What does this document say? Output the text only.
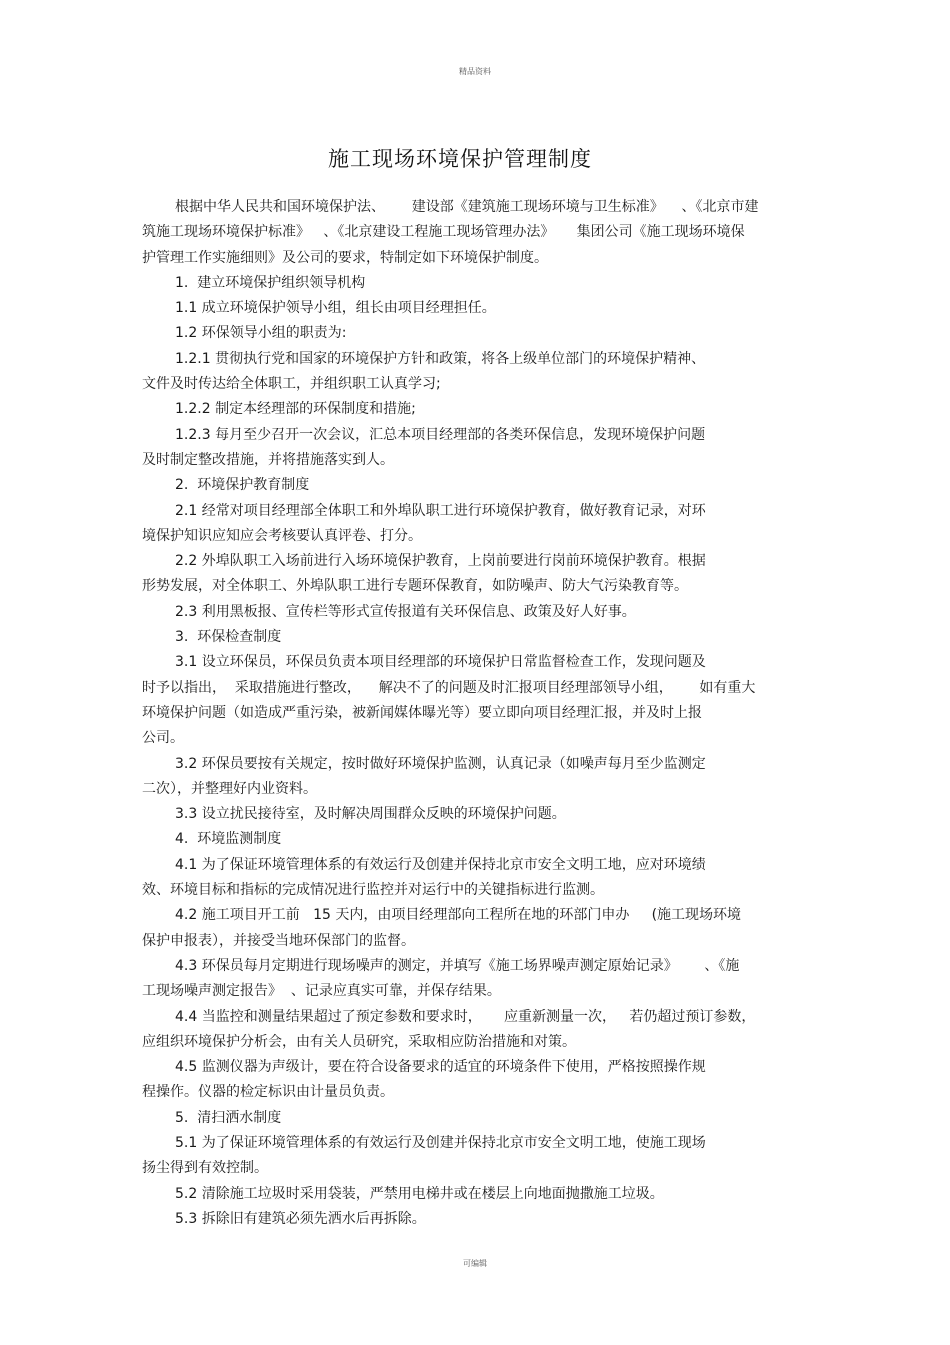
精品资料
施工现场环境保护管理制度
根据中华人民共和国环境保护法、      建设部《建筑施工现场环境与卫生标准》    、《北京市建
筑施工现场环境保护标准》   、《北京建设工程施工现场管理办法》     集团公司《施工现场环境保
护管理工作实施细则》及公司的要求，特制定如下环境保护制度。
1.  建立环境保护组织领导机构
1.1 成立环境保护领导小组，组长由项目经理担任。
1.2 环保领导小组的职责为:
1.2.1 贯彻执行党和国家的环境保护方针和政策，将各上级单位部门的环境保护精神、
文件及时传达给全体职工，并组织职工认真学习;
1.2.2 制定本经理部的环保制度和措施;
1.2.3 每月至少召开一次会议，汇总本项目经理部的各类环保信息，发现环境保护问题
及时制定整改措施，并将措施落实到人。
2.  环境保护教育制度
2.1 经常对项目经理部全体职工和外埠队职工进行环境保护教育，做好教育记录，对环
境保护知识应知应会考核要认真评卷、打分。
2.2 外埠队职工入场前进行入场环境保护教育，上岗前要进行岗前环境保护教育。根据
形势发展，对全体职工、外埠队职工进行专题环保教育，如防噪声、防大气污染教育等。
2.3 利用黑板报、宣传栏等形式宣传报道有关环保信息、政策及好人好事。
3.  环保检查制度
3.1 设立环保员，环保员负责本项目经理部的环境保护日常监督检查工作，发现问题及
时予以指出，  采取措施进行整改，    解决不了的问题及时汇报项目经理部领导小组，      如有重大
环境保护问题（如造成严重污染，被新闻媒体曝光等）要立即向项目经理汇报，并及时上报
公司。
3.2 环保员要按有关规定，按时做好环境保护监测，认真记录（如噪声每月至少监测定
二次），并整理好内业资料。
3.3 设立扰民接待室，及时解决周围群众反映的环境保护问题。
4.  环境监测制度
4.1 为了保证环境管理体系的有效运行及创建并保持北京市安全文明工地，应对环境绩
效、环境目标和指标的完成情况进行监控并对运行中的关键指标进行监测。
4.2 施工项目开工前   15 天内，由项目经理部向工程所在地的环部门申办     (施工现场环境
保护申报表），并接受当地环保部门的监督。
4.3 环保员每月定期进行现场噪声的测定，并填写《施工场界噪声测定原始记录》      、《施
工现场噪声测定报告》  、记录应真实可靠，并保存结果。
4.4 当监控和测量结果超过了预定参数和要求时，     应重新测量一次，   若仍超过预订参数，
应组织环境保护分析会，由有关人员研究，采取相应防治措施和对策。
4.5 监测仪器为声级计，要在符合设备要求的适宜的环境条件下使用，严格按照操作规
程操作。仪器的检定标识由计量员负责。
5.  清扫洒水制度
5.1 为了保证环境管理体系的有效运行及创建并保持北京市安全文明工地，使施工现场
扬尘得到有效控制。
5.2 清除施工垃圾时采用袋装，严禁用电梯井或在楼层上向地面抛撒施工垃圾。
5.3 拆除旧有建筑必须先洒水后再拆除。
可编辑
